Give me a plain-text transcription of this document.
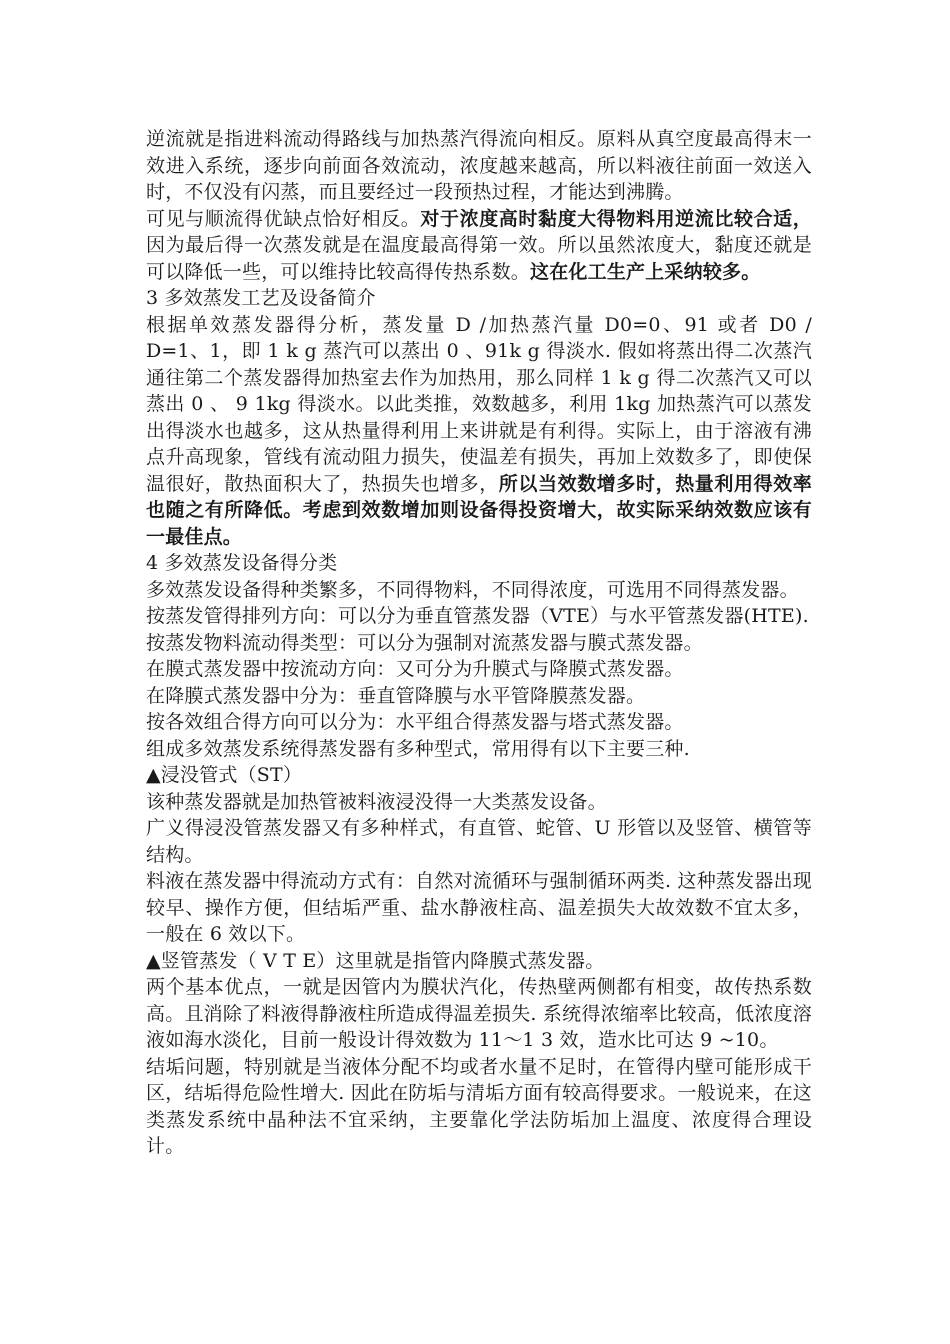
逆流就是指进料流动得路线与加热蒸汽得流向相反。原料从真空度最高得末一效进入系统，逐步向前面各效流动，浓度越来越高，所以料液往前面一效送入时，不仅没有闪蒸，而且要经过一段预热过程，才能达到沸腾。

可见与顺流得优缺点恰好相反。对于浓度高时黏度大得物料用逆流比较合适，因为最后得一次蒸发就是在温度最高得第一效。所以虽然浓度大，黏度还就是可以降低一些，可以维持比较高得传热系数。这在化工生产上采纳较多。

3 多效蒸发工艺及设备简介

根据单效蒸发器得分析，蒸发量 D /加热蒸汽量 D0=0、91 或者 D0 / D=1、1，即 1 k g 蒸汽可以蒸出 0 、91k g 得淡水. 假如将蒸出得二次蒸汽通往第二个蒸发器得加热室去作为加热用，那么同样 1 k g 得二次蒸汽又可以蒸出 0 、 9 1kg 得淡水。以此类推，效数越多，利用 1kg 加热蒸汽可以蒸发出得淡水也越多，这从热量得利用上来讲就是有利得。实际上，由于溶液有沸点升高现象，管线有流动阻力损失，使温差有损失，再加上效数多了，即使保温很好，散热面积大了，热损失也增多，所以当效数增多时，热量利用得效率也随之有所降低。考虑到效数增加则设备得投资增大，故实际采纳效数应该有一最佳点。

4 多效蒸发设备得分类

多效蒸发设备得种类繁多，不同得物料，不同得浓度，可选用不同得蒸发器。

按蒸发管得排列方向：可以分为垂直管蒸发器（VTE）与水平管蒸发器(HTE).

按蒸发物料流动得类型：可以分为强制对流蒸发器与膜式蒸发器。

在膜式蒸发器中按流动方向：又可分为升膜式与降膜式蒸发器。

在降膜式蒸发器中分为：垂直管降膜与水平管降膜蒸发器。

按各效组合得方向可以分为：水平组合得蒸发器与塔式蒸发器。

组成多效蒸发系统得蒸发器有多种型式，常用得有以下主要三种.

▲浸没管式（ST）

该种蒸发器就是加热管被料液浸没得一大类蒸发设备。

广义得浸没管蒸发器又有多种样式，有直管、蛇管、U 形管以及竖管、横管等结构。

料液在蒸发器中得流动方式有：自然对流循环与强制循环两类. 这种蒸发器出现较早、操作方便，但结垢严重、盐水静液柱高、温差损失大故效数不宜太多，一般在 6 效以下。

▲竖管蒸发（ V T E）这里就是指管内降膜式蒸发器。

两个基本优点，一就是因管内为膜状汽化，传热壁两侧都有相变，故传热系数高。且消除了料液得静液柱所造成得温差损失. 系统得浓缩率比较高，低浓度溶液如海水淡化，目前一般设计得效数为 11～1 3 效，造水比可达 9 ~10。

结垢问题，特别就是当液体分配不均或者水量不足时，在管得内壁可能形成干区，结垢得危险性增大. 因此在防垢与清垢方面有较高得要求。一般说来，在这类蒸发系统中晶种法不宜采纳，主要靠化学法防垢加上温度、浓度得合理设计。
